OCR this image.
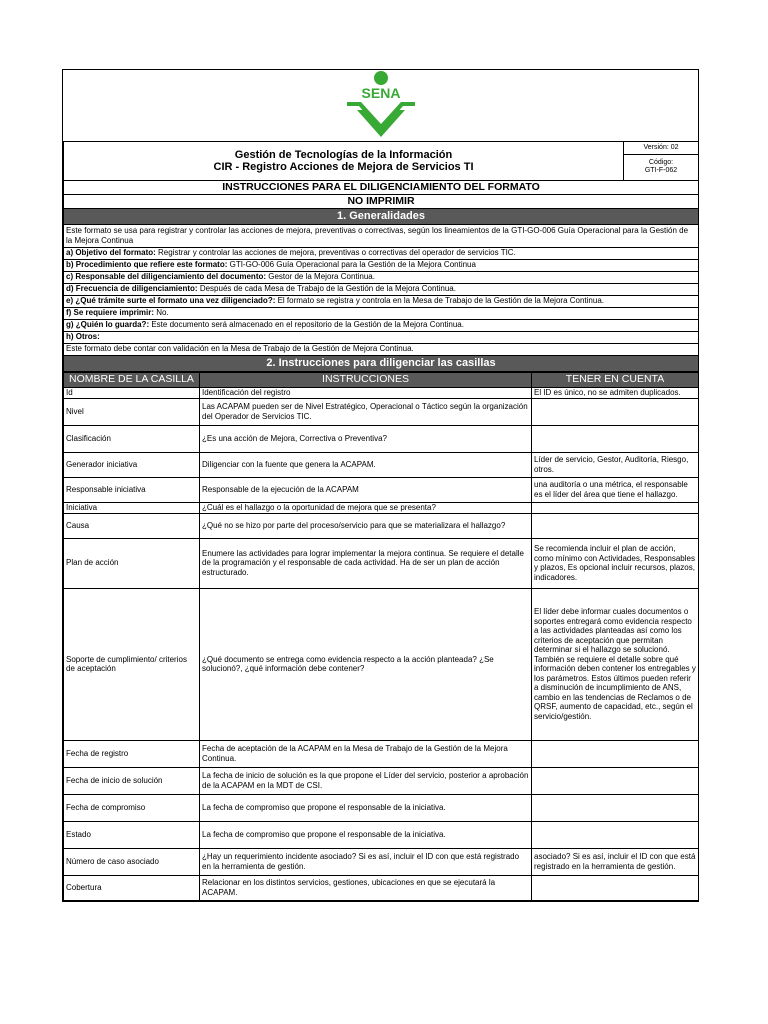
SENA

Gestión de Tecnologías de la Información
CIR - Registro Acciones de Mejora de Servicios TI
	Versión: 02

Código:
GTI-F-062

INSTRUCCIONES PARA EL DILIGENCIAMIENTO DEL FORMATO
NO IMPRIMIR
1. Generalidades
Este formato se usa para registrar y controlar las acciones de mejora, preventivas o correctivas, según los lineamientos de la GTI-GO-006 Guía Operacional para la Gestión de la Mejora Continua
a) Objetivo del formato: Registrar y controlar las acciones de mejora, preventivas o correctivas del operador de servicios TIC.
b) Procedimiento que refiere este formato: GTI-GO-006 Guía Operacional para la Gestión de la Mejora Continua
c) Responsable del diligenciamiento del documento: Gestor de la Mejora Continua.
d) Frecuencia de diligenciamiento: Después de cada Mesa de Trabajo de la Gestión de la Mejora Continua.
e) ¿Qué trámite surte el formato una vez diligenciado?: El formato se registra y controla en la Mesa de Trabajo de la Gestión de la Mejora Continua.
f) Se requiere imprimir: No.
g) ¿Quién lo guarda?: Este documento será almacenado en el repositorio de la Gestión de la Mejora Continua.
h) Otros:
Este formato debe contar con validación en la Mesa de Trabajo de la Gestión de Mejora Continua.
2. Instrucciones para diligenciar las casillas
NOMBRE DE LA CASILLA	INSTRUCCIONES	TENER EN CUENTA
Id	Identificación del registro	El ID es único, no se admiten duplicados.
Nivel	Las ACAPAM pueden ser de Nivel Estratégico, Operacional o Táctico según la organización del Operador de Servicios TIC.	
Clasificación	¿Es una acción de Mejora, Correctiva o Preventiva?	
Generador iniciativa	Diligenciar con la fuente que genera la ACAPAM.	Líder de servicio, Gestor, Auditoría, Riesgo, otros.
Responsable iniciativa	Responsable de la ejecución de la ACAPAM	una auditoría o una métrica, el responsable es el líder del área que tiene el hallazgo.
Iniciativa	¿Cuál es el hallazgo o la oportunidad de mejora que se presenta?	
Causa	¿Qué no se hizo por parte del proceso/servicio para que se materializara el hallazgo?	
Plan de acción	Enumere las actividades para lograr implementar la mejora continua. Se requiere el detalle de la programación y el responsable de cada actividad. Ha de ser un plan de acción estructurado.	Se recomienda incluir el plan de acción, como mínimo con Actividades, Responsables y plazos, Es opcional incluir recursos, plazos, indicadores.
Soporte de cumplimiento/ criterios de aceptación	¿Qué documento se entrega como evidencia respecto a la acción planteada? ¿Se solucionó?, ¿qué información debe contener?	El líder debe informar cuales documentos o soportes entregará como evidencia respecto a las actividades planteadas así como los criterios de aceptación que permitan determinar si el hallazgo se solucionó. También se requiere el detalle sobre qué información deben contener los entregables y los parámetros. Estos últimos pueden referir a disminución de incumplimiento de ANS, cambio en las tendencias de Reclamos o de QRSF, aumento de capacidad, etc., según el servicio/gestión.
Fecha de registro	Fecha de aceptación de la ACAPAM en la Mesa de Trabajo de la Gestión de la Mejora Continua.	
Fecha de inicio de solución	La fecha de inicio de solución es la que propone el Líder del servicio, posterior a aprobación de la ACAPAM en la MDT de CSI.	
Fecha de compromiso	La fecha de compromiso que propone el responsable de la iniciativa.	
Estado	La fecha de compromiso que propone el responsable de la iniciativa.	
Número de caso asociado	¿Hay un requerimiento incidente asociado? Si es así, incluir el ID con que está registrado en la herramienta de gestión.	asociado? Si es así, incluir el ID con que está registrado en la herramienta de gestión.
Cobertura	Relacionar en los distintos servicios, gestiones, ubicaciones en que se ejecutará la ACAPAM.	
